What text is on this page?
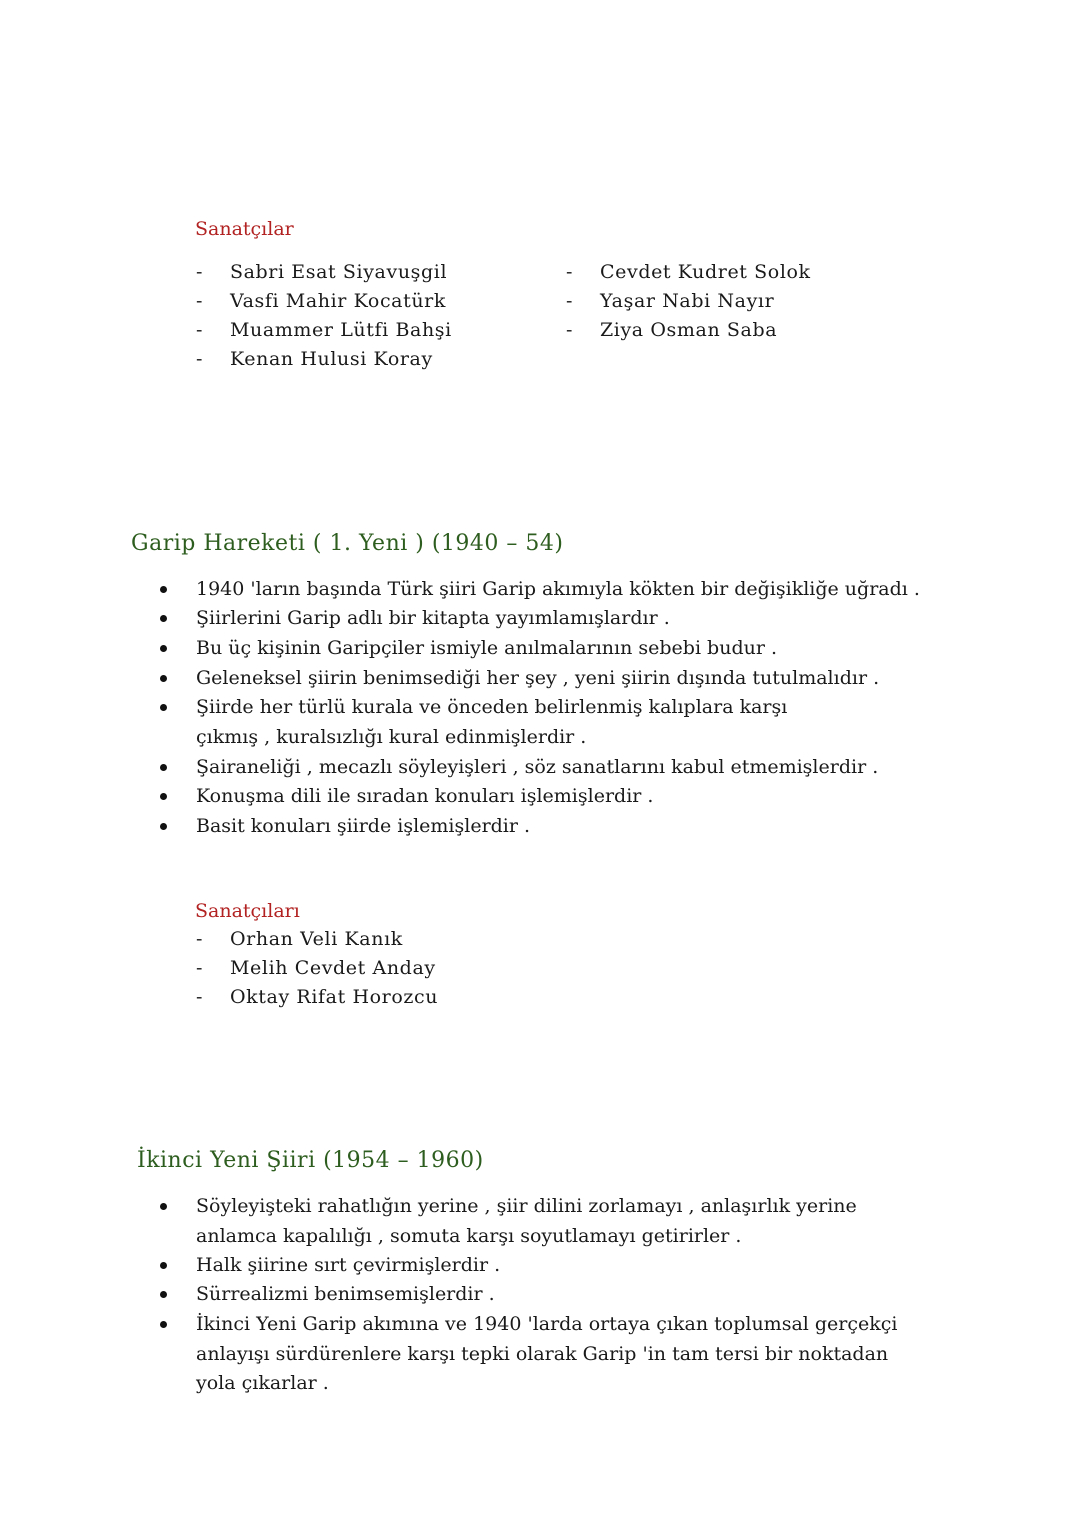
Sanatçılar
- Sabri Esat Siyavuşgil
- Vasfi Mahir Kocatürk
- Muammer Lütfi Bahşi
- Kenan Hulusi Koray
- Cevdet Kudret Solok
- Yaşar Nabi Nayır
- Ziya Osman Saba
Garip Hareketi ( 1. Yeni ) (1940 – 54)
1940 'ların başında Türk şiiri Garip akımıyla kökten bir değişikliğe uğradı .
Şiirlerini Garip adlı bir kitapta yayımlamışlardır .
Bu üç kişinin Garipçiler ismiyle anılmalarının sebebi budur .
Geleneksel şiirin benimsediği her şey , yeni şiirin dışında tutulmalıdır .
Şiirde her türlü kurala ve önceden belirlenmiş kalıplara karşı çıkmış , kuralsızlığı kural edinmişlerdir .
Şairaneliği , mecazlı söyleyişleri , söz sanatlarını kabul etmemişlerdir .
Konuşma dili ile sıradan konuları işlemişlerdir .
Basit konuları şiirde işlemişlerdir .
Sanatçıları
- Orhan Veli Kanık
- Melih Cevdet Anday
- Oktay Rifat Horozcu
İkinci Yeni Şiiri (1954 – 1960)
Söyleyişteki rahatlığın yerine , şiir dilini zorlamayı , anlaşırlık yerine anlamca kapalılığı , somuta karşı soyutlamayı getirirler .
Halk şiirine sırt çevirmişlerdir .
Sürrealizmi benimsemişlerdir .
İkinci Yeni Garip akımına ve 1940 'larda ortaya çıkan toplumsal gerçekçi anlayışı sürdürenlere karşı tepki olarak Garip 'in tam tersi bir noktadan yola çıkarlar .
